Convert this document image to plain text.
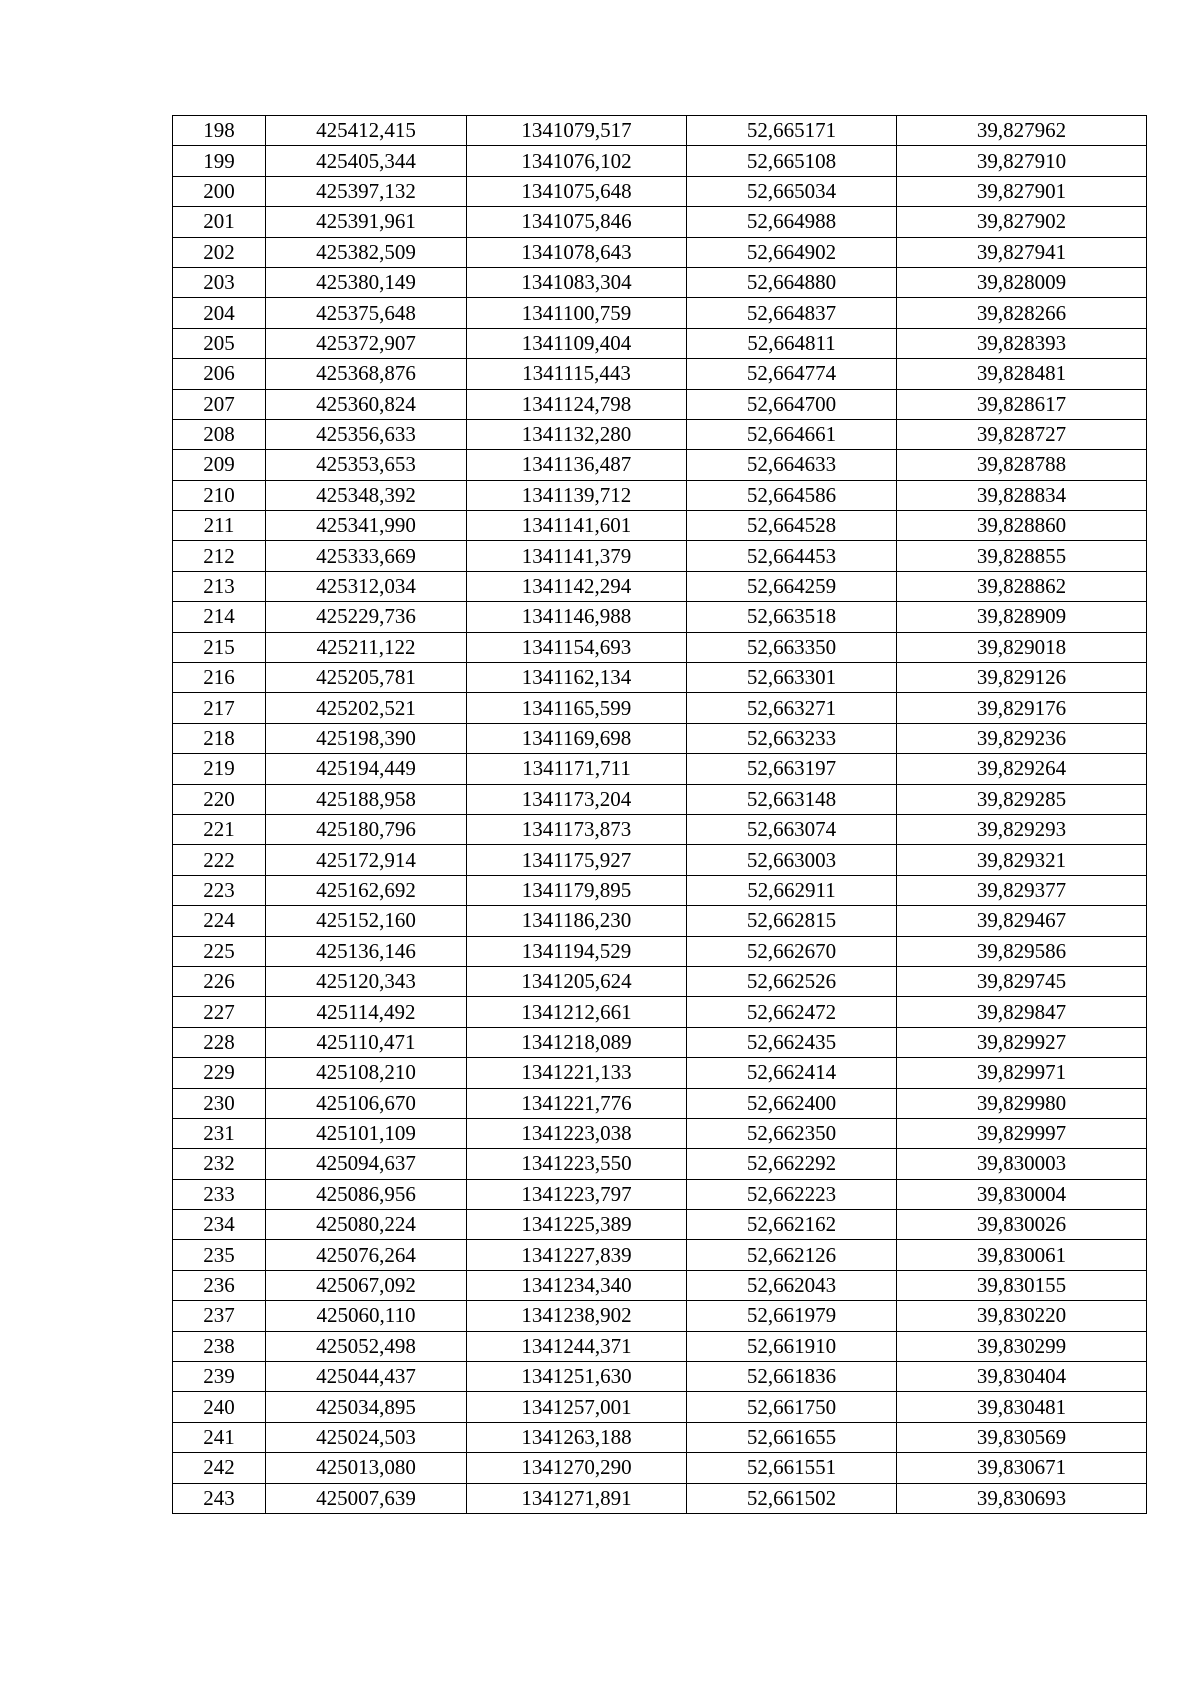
198	425412,415	1341079,517	52,665171	39,827962
199	425405,344	1341076,102	52,665108	39,827910
200	425397,132	1341075,648	52,665034	39,827901
201	425391,961	1341075,846	52,664988	39,827902
202	425382,509	1341078,643	52,664902	39,827941
203	425380,149	1341083,304	52,664880	39,828009
204	425375,648	1341100,759	52,664837	39,828266
205	425372,907	1341109,404	52,664811	39,828393
206	425368,876	1341115,443	52,664774	39,828481
207	425360,824	1341124,798	52,664700	39,828617
208	425356,633	1341132,280	52,664661	39,828727
209	425353,653	1341136,487	52,664633	39,828788
210	425348,392	1341139,712	52,664586	39,828834
211	425341,990	1341141,601	52,664528	39,828860
212	425333,669	1341141,379	52,664453	39,828855
213	425312,034	1341142,294	52,664259	39,828862
214	425229,736	1341146,988	52,663518	39,828909
215	425211,122	1341154,693	52,663350	39,829018
216	425205,781	1341162,134	52,663301	39,829126
217	425202,521	1341165,599	52,663271	39,829176
218	425198,390	1341169,698	52,663233	39,829236
219	425194,449	1341171,711	52,663197	39,829264
220	425188,958	1341173,204	52,663148	39,829285
221	425180,796	1341173,873	52,663074	39,829293
222	425172,914	1341175,927	52,663003	39,829321
223	425162,692	1341179,895	52,662911	39,829377
224	425152,160	1341186,230	52,662815	39,829467
225	425136,146	1341194,529	52,662670	39,829586
226	425120,343	1341205,624	52,662526	39,829745
227	425114,492	1341212,661	52,662472	39,829847
228	425110,471	1341218,089	52,662435	39,829927
229	425108,210	1341221,133	52,662414	39,829971
230	425106,670	1341221,776	52,662400	39,829980
231	425101,109	1341223,038	52,662350	39,829997
232	425094,637	1341223,550	52,662292	39,830003
233	425086,956	1341223,797	52,662223	39,830004
234	425080,224	1341225,389	52,662162	39,830026
235	425076,264	1341227,839	52,662126	39,830061
236	425067,092	1341234,340	52,662043	39,830155
237	425060,110	1341238,902	52,661979	39,830220
238	425052,498	1341244,371	52,661910	39,830299
239	425044,437	1341251,630	52,661836	39,830404
240	425034,895	1341257,001	52,661750	39,830481
241	425024,503	1341263,188	52,661655	39,830569
242	425013,080	1341270,290	52,661551	39,830671
243	425007,639	1341271,891	52,661502	39,830693
